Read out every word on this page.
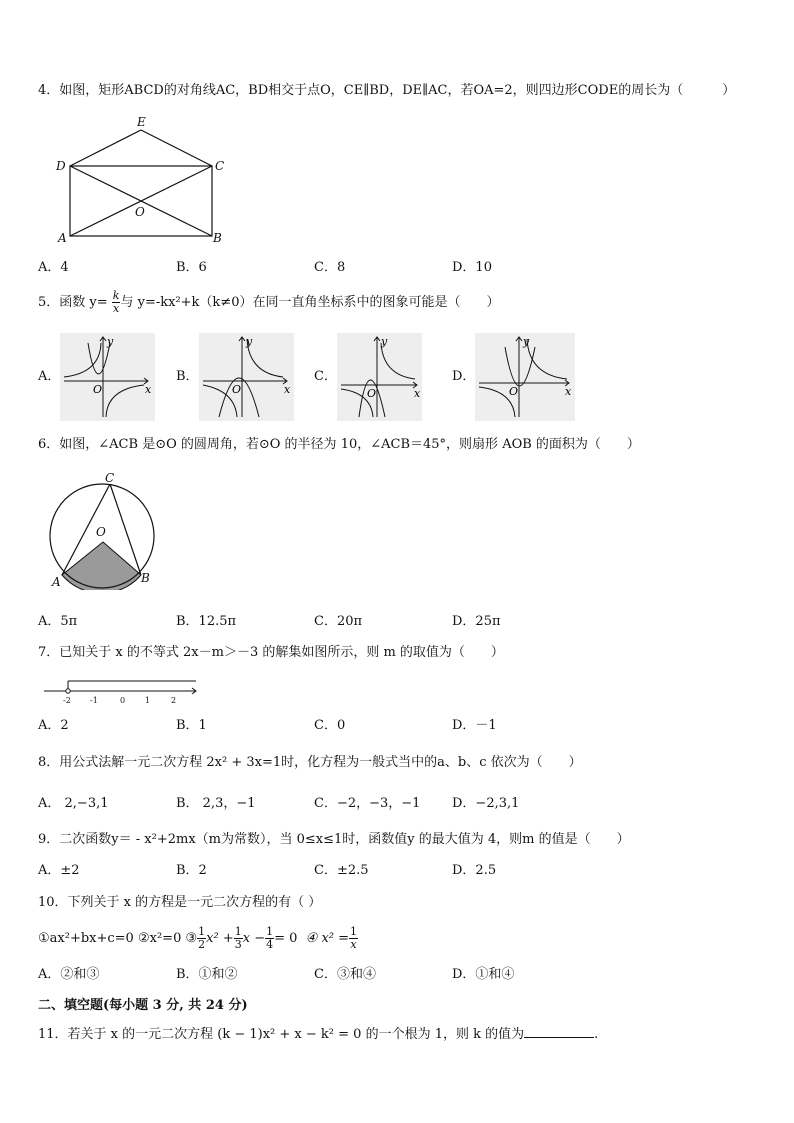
4．如图，矩形ABCD的对角线AC，BD相交于点O，CE∥BD，DE∥AC，若OA=2，则四边形CODE的周长为（　　　）
E
D	C
O
A	B
A．4	B．6	C．8	D．10
5．函数 $y= \frac{k}{x}$ 与 y=-kx²+k（k≠0）在同一直角坐标系中的图象可能是（　　）
A．
y
x
O
B．
y
x
O
C．
y
x
O
D．
y
x
O
6．如图，∠ACB 是⊙O 的圆周角，若⊙O 的半径为 10，∠ACB＝45°，则扇形 AOB 的面积为（　　）
C
O
A	B
A．5π	B．12.5π	C．20π	D．25π
7．已知关于 x 的不等式 2x－m＞－3 的解集如图所示，则 m 的取值为（　　）
-2 -1	0 1	2
A．2	B．1	C．0	D．－1
8．用公式法解一元二次方程 2x² + 3x=1时，化方程为一般式当中的a、b、c 依次为（　　）
A． 2,−3,1	B． 2,3，−1	C．−2，−3，−1 D．−2,3,1
9．二次函数y＝ - x²+2mx（m为常数），当 0≤x≤1时，函数值y 的最大值为 4，则m 的值是（　　）
A．±2	B．2	C．±2.5	D．2.5
10．下列关于 x 的方程是一元二次方程的有（ ）
①ax²+bx+c=0 ②x²=0 ③ $\frac{1}{2} x^2 + \frac{1}{3}$ $x - \frac{1}{4} = 0$ ④ $x^2 = \frac{1}{x}$
A．②和③	B．①和②	C．③和④	D．①和④
二、填空题(每小题 3 分, 共 24 分)
11．若关于 x 的一元二次方程 (k − 1)x² + x − k² = 0 的一个根为 1，则 k 的值为	.
